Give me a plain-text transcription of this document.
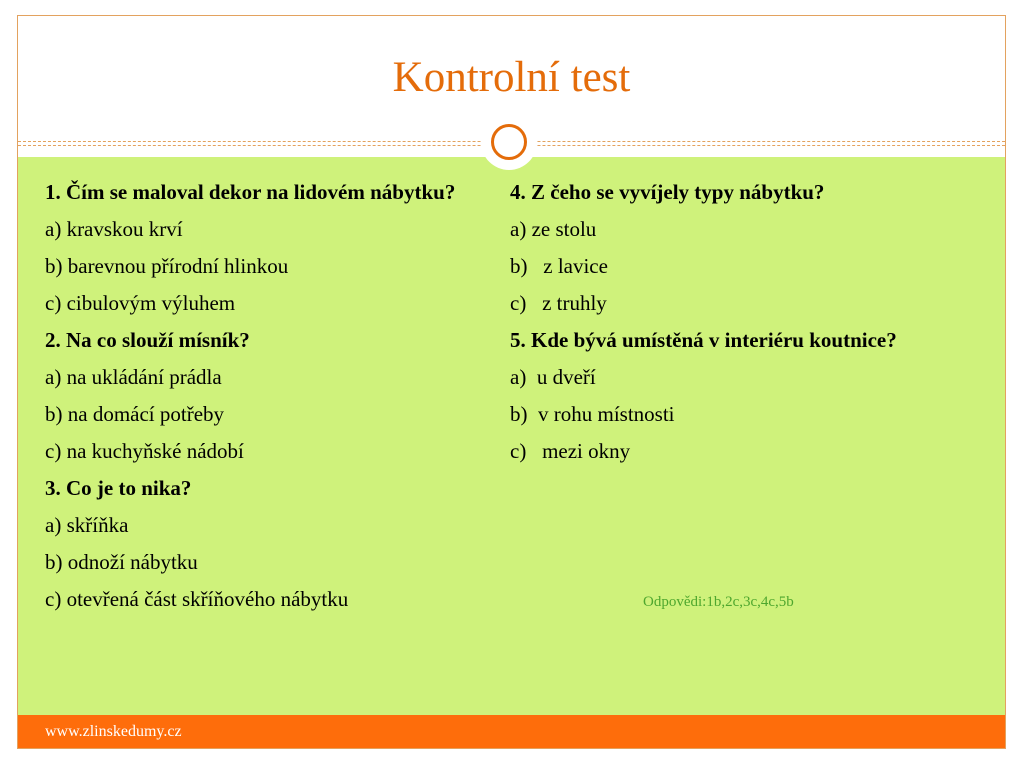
Kontrolní test

1. Čím se maloval dekor na lidovém nábytku?

a) kravskou krví

b) barevnou přírodní hlinkou

c) cibulovým výluhem

2. Na co slouží mísník?

a) na ukládání prádla

b) na domácí potřeby

c) na kuchyňské nádobí

3. Co je to nika?

a) skříňka

b) odnoží nábytku

c) otevřená část skříňového nábytku

4. Z čeho se vyvíjely typy nábytku?

a) ze stolu

b)   z lavice

c)   z truhly

5. Kde bývá umístěná v interiéru koutnice?

a)  u dveří

b)  v rohu místnosti

c)   mezi okny

Odpovědi:1b,2c,3c,4c,5b
www.zlinskedumy.cz
